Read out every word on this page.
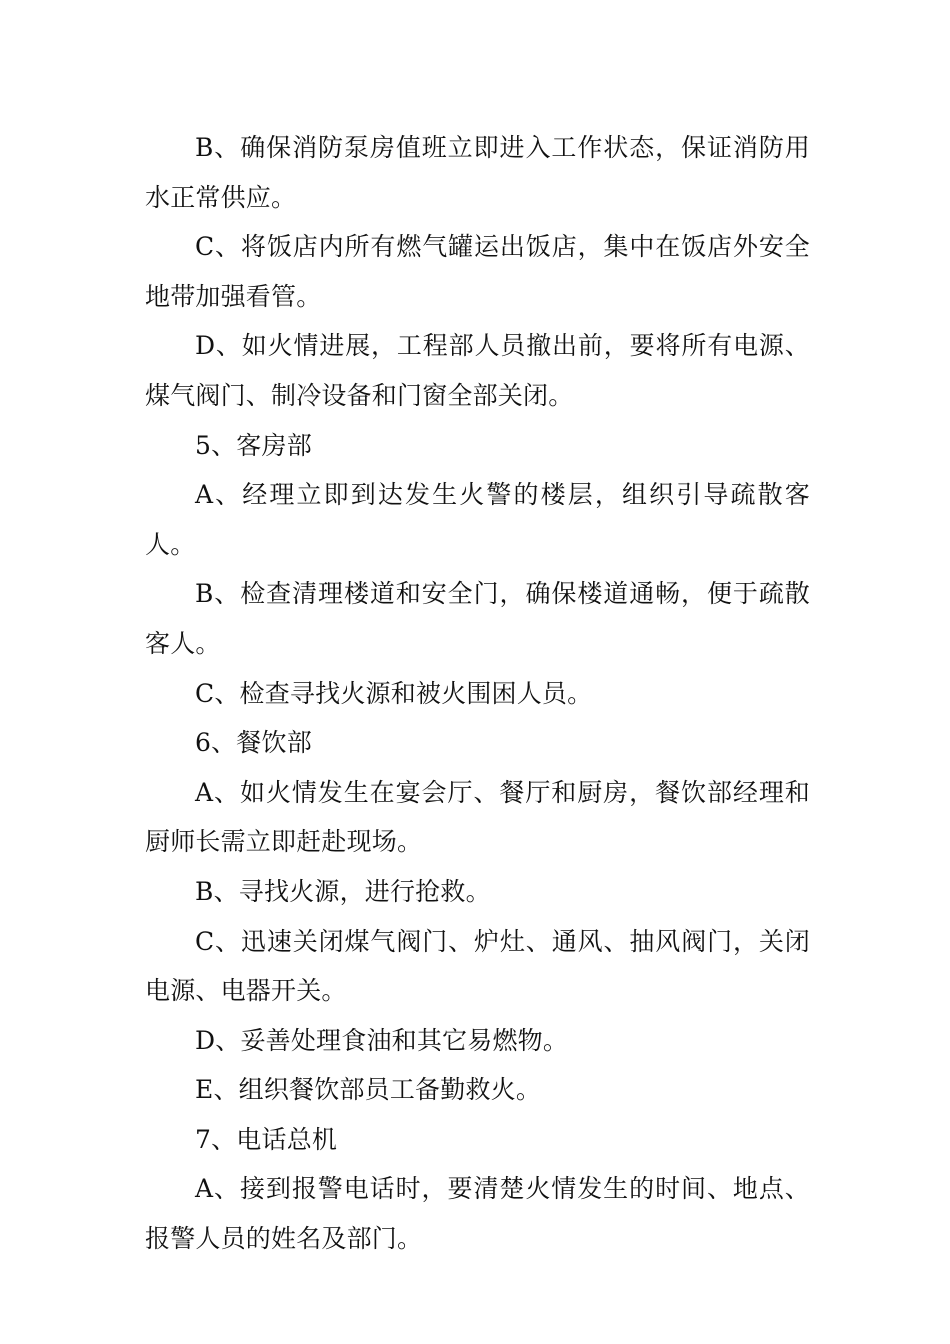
B、确保消防泵房值班立即进入工作状态，保证消防用水正常供应。

C、将饭店内所有燃气罐运出饭店，集中在饭店外安全地带加强看管。

D、如火情进展，工程部人员撤出前，要将所有电源、煤气阀门、制冷设备和门窗全部关闭。

5、客房部

A、经理立即到达发生火警的楼层，组织引导疏散客人。

B、检查清理楼道和安全门，确保楼道通畅，便于疏散客人。

C、检查寻找火源和被火围困人员。

6、餐饮部

A、如火情发生在宴会厅、餐厅和厨房，餐饮部经理和厨师长需立即赶赴现场。

B、寻找火源，进行抢救。

C、迅速关闭煤气阀门、炉灶、通风、抽风阀门，关闭电源、电器开关。

D、妥善处理食油和其它易燃物。

E、组织餐饮部员工备勤救火。

7、电话总机

A、接到报警电话时，要清楚火情发生的时间、地点、报警人员的姓名及部门。
